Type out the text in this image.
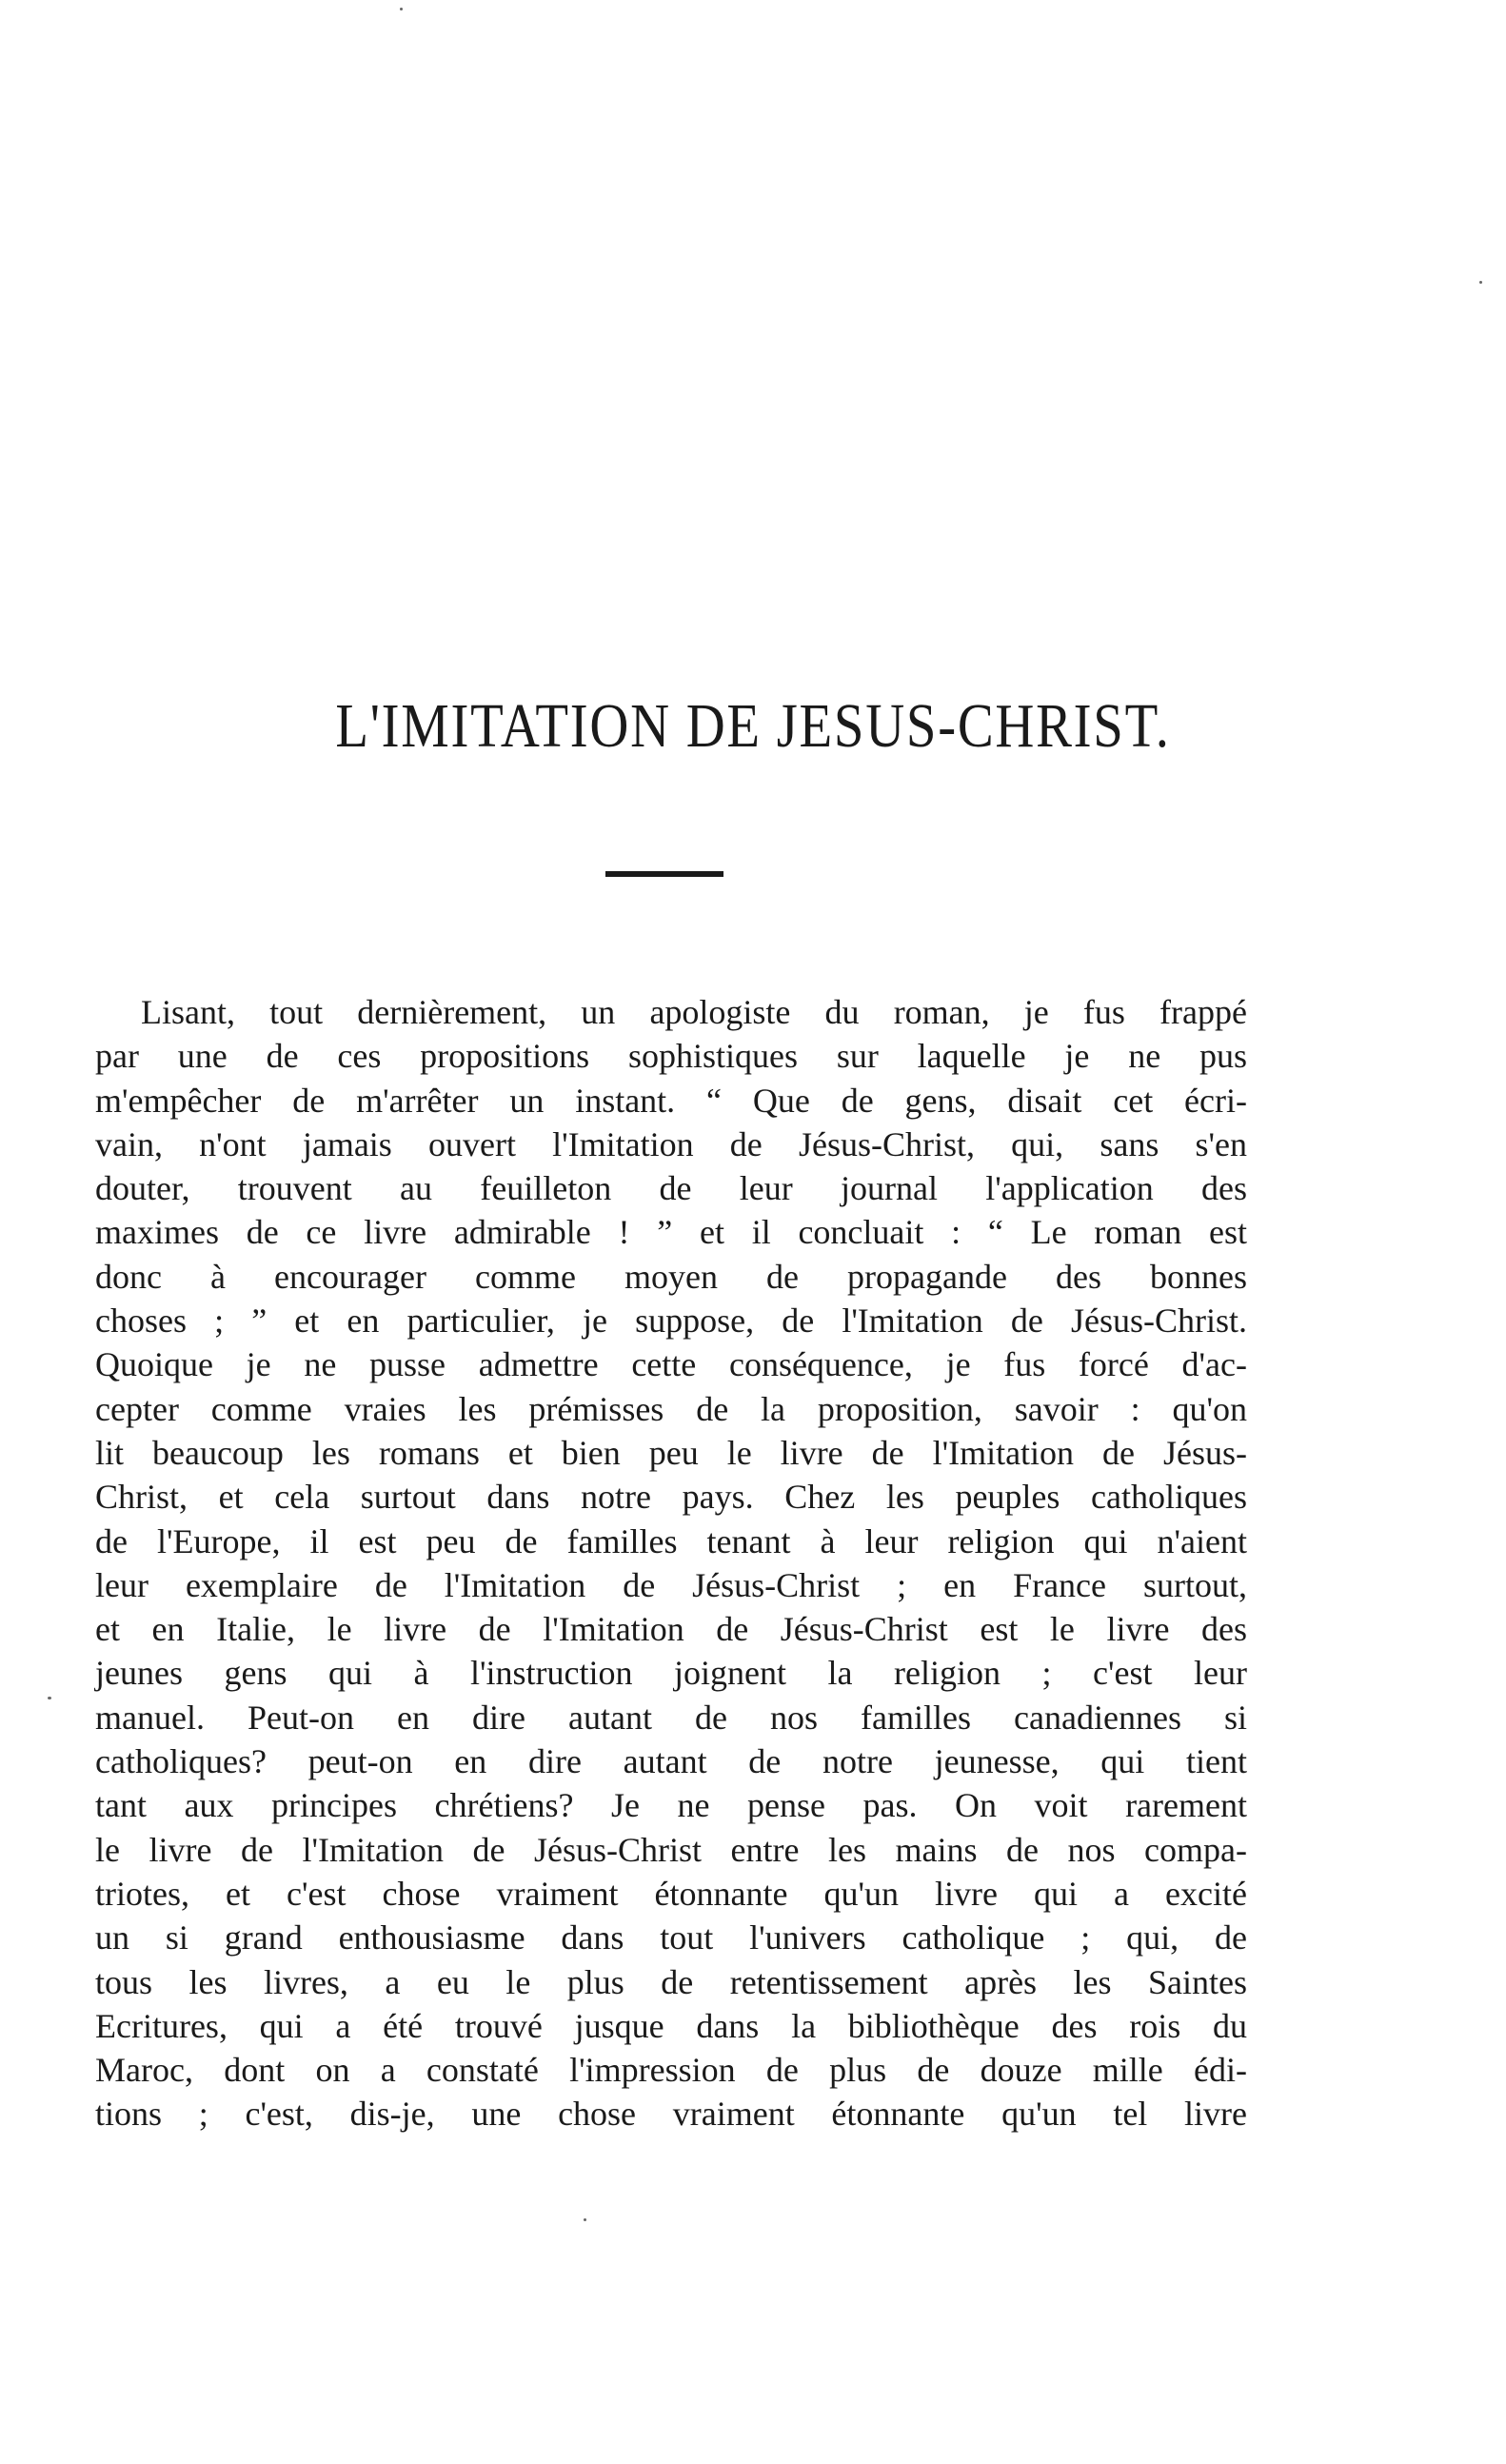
L'IMITATION DE JESUS-CHRIST.
Lisant, tout dernièrement, un apologiste du roman, je fus frappé
par une de ces propositions sophistiques sur laquelle je ne pus
m'empêcher de m'arrêter un instant. “ Que de gens, disait cet écri-
vain, n'ont jamais ouvert l'Imitation de Jésus-Christ, qui, sans s'en
douter, trouvent au feuilleton de leur journal l'application des
maximes de ce livre admirable ! ” et il concluait : “ Le roman est
donc à encourager comme moyen de propagande des bonnes
choses ; ” et en particulier, je suppose, de l'Imitation de Jésus-Christ.
Quoique je ne pusse admettre cette conséquence, je fus forcé d'ac-
cepter comme vraies les prémisses de la proposition, savoir : qu'on
lit beaucoup les romans et bien peu le livre de l'Imitation de Jésus-
Christ, et cela surtout dans notre pays. Chez les peuples catholiques
de l'Europe, il est peu de familles tenant à leur religion qui n'aient
leur exemplaire de l'Imitation de Jésus-Christ ; en France surtout,
et en Italie, le livre de l'Imitation de Jésus-Christ est le livre des
jeunes gens qui à l'instruction joignent la religion ; c'est leur
manuel. Peut-on en dire autant de nos familles canadiennes si
catholiques? peut-on en dire autant de notre jeunesse, qui tient
tant aux principes chrétiens? Je ne pense pas. On voit rarement
le livre de l'Imitation de Jésus-Christ entre les mains de nos compa-
triotes, et c'est chose vraiment étonnante qu'un livre qui a excité
un si grand enthousiasme dans tout l'univers catholique ; qui, de
tous les livres, a eu le plus de retentissement après les Saintes
Ecritures, qui a été trouvé jusque dans la bibliothèque des rois du
Maroc, dont on a constaté l'impression de plus de douze mille édi-
tions ; c'est, dis-je, une chose vraiment étonnante qu'un tel livre
